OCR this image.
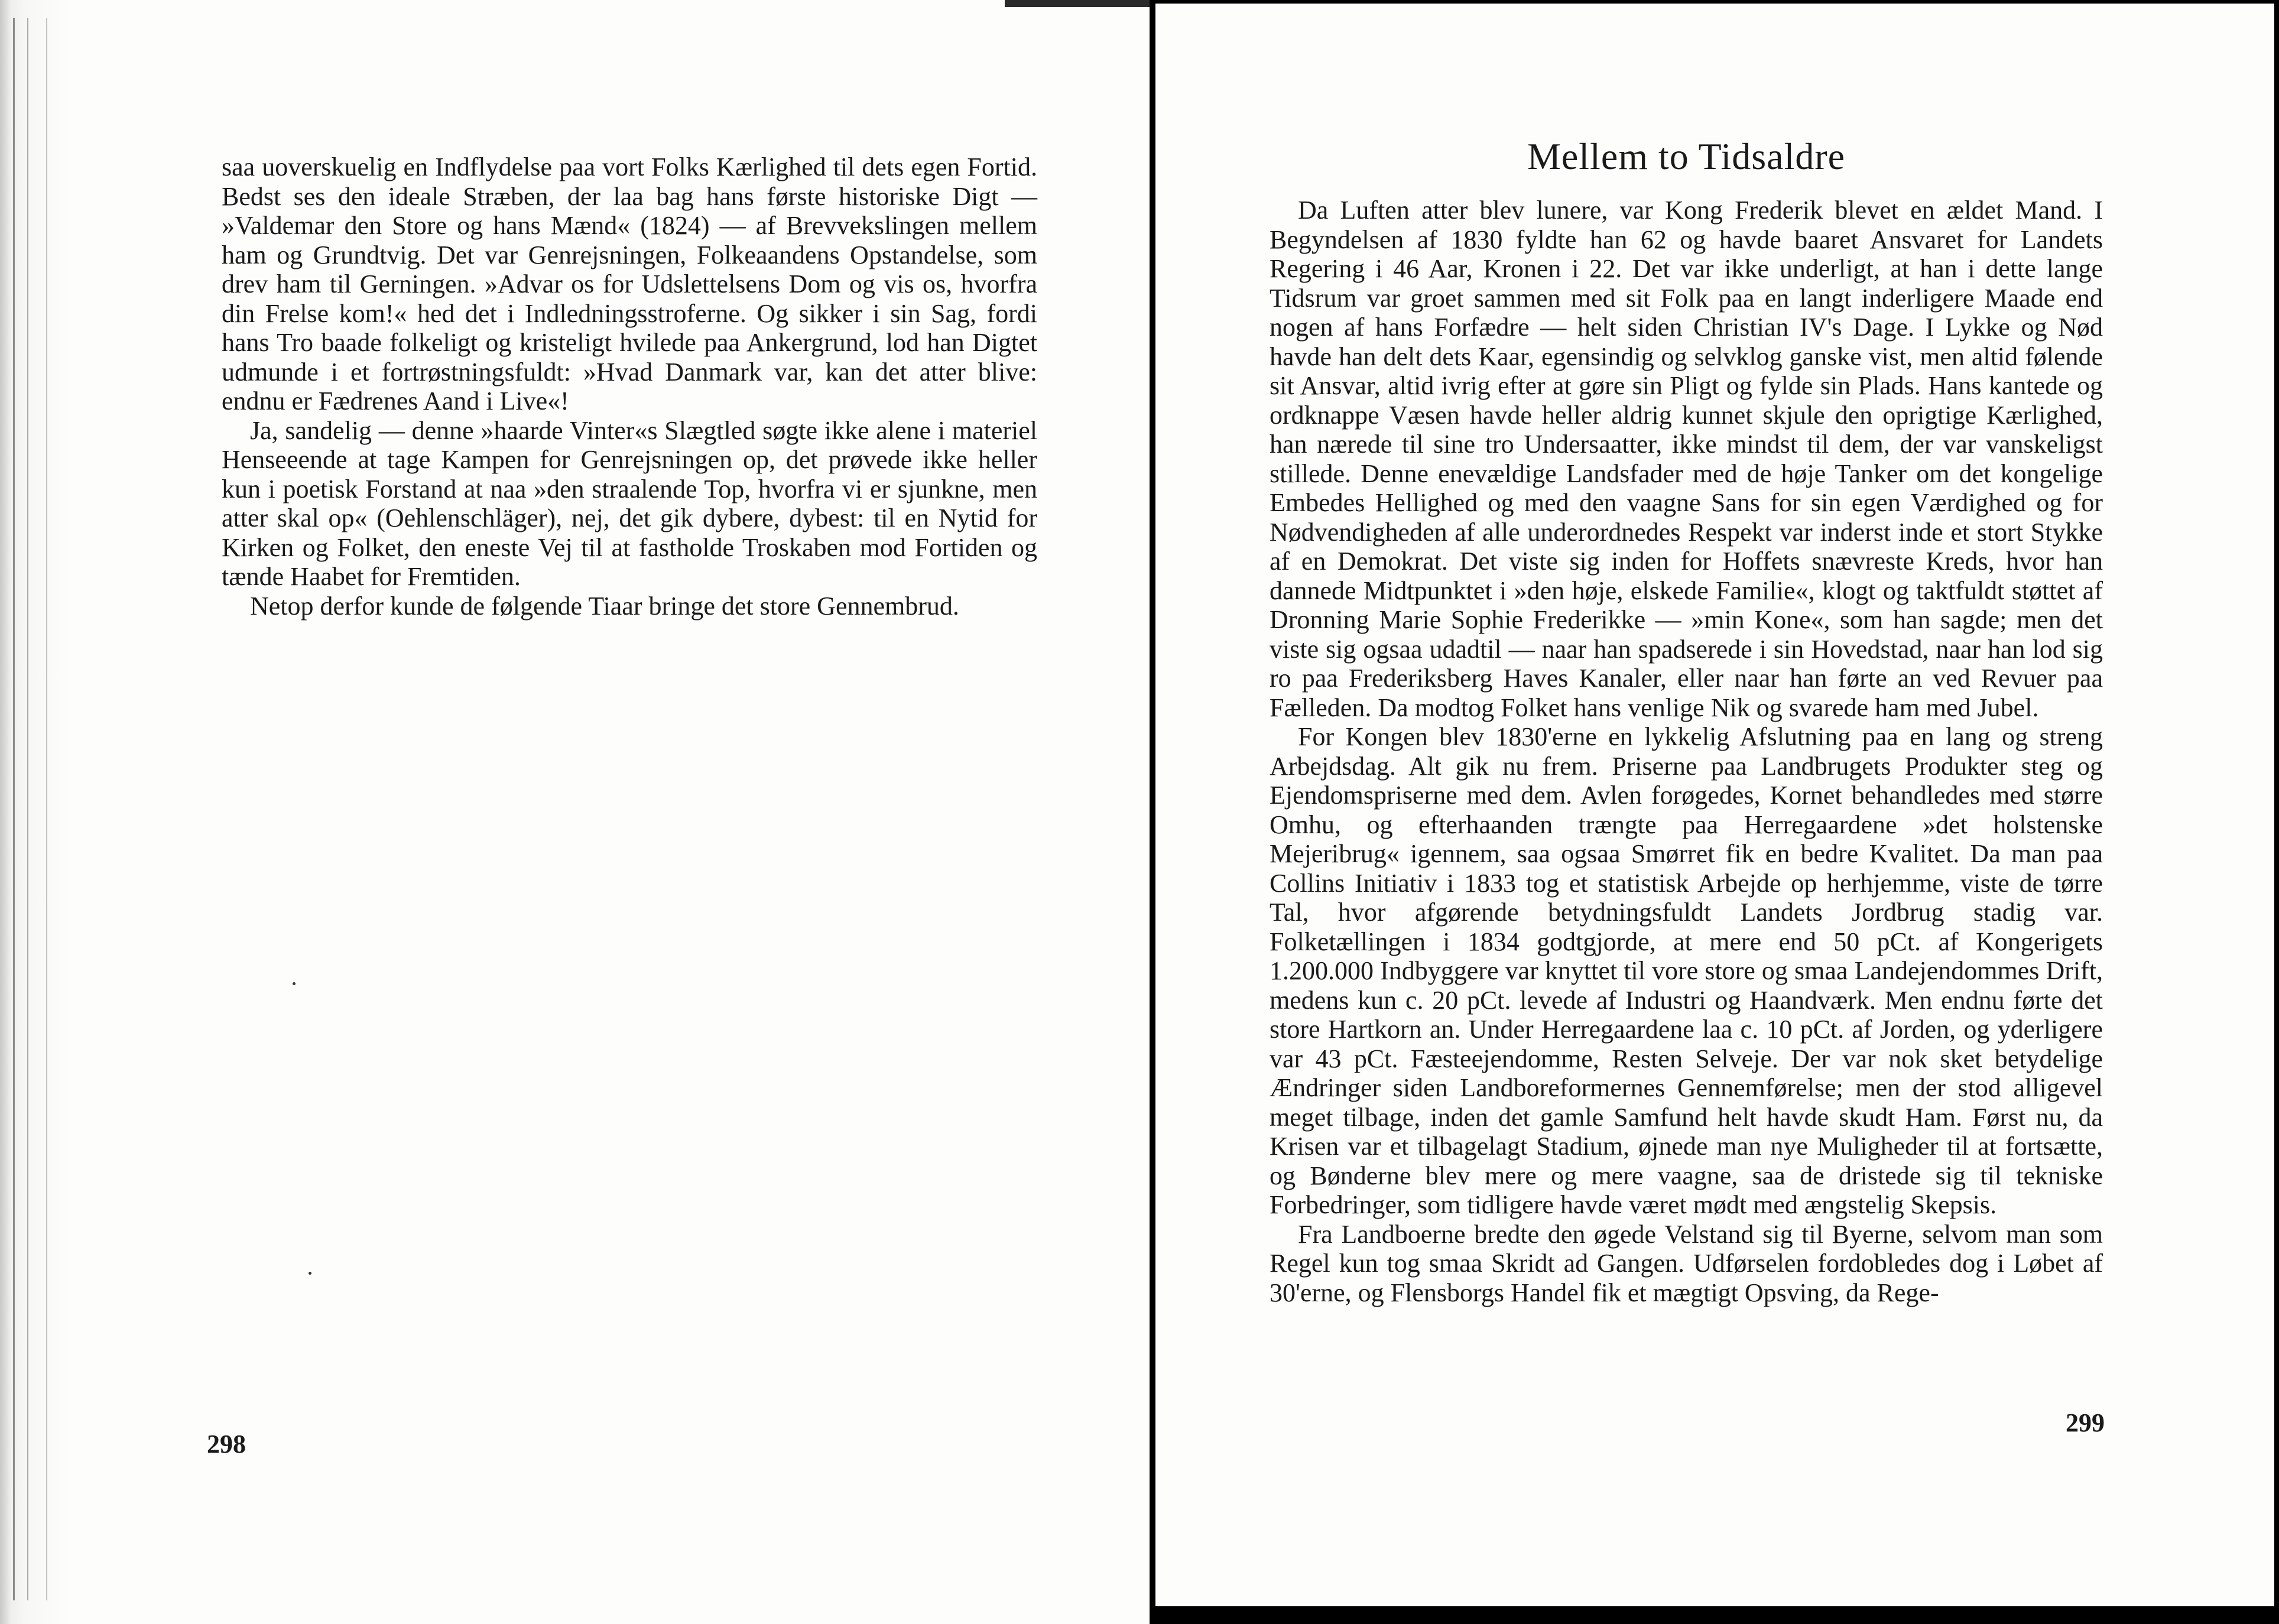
saa uoverskuelig en Indflydelse paa vort Folks Kærlighed til dets egen Fortid. Bedst ses den ideale Stræben, der laa bag hans første historiske Digt — »Valdemar den Store og hans Mænd« (1824) — af Brevvekslingen mellem ham og Grundtvig. Det var Genrejsningen, Folkeaandens Opstandelse, som drev ham til Gerningen. »Advar os for Udslettelsens Dom og vis os, hvorfra din Frelse kom!« hed det i Indledningsstroferne. Og sikker i sin Sag, fordi hans Tro baade folkeligt og kristeligt hvilede paa Ankergrund, lod han Digtet udmunde i et fortrøstningsfuldt: »Hvad Danmark var, kan det atter blive: endnu er Fædrenes Aand i Live«!

Ja, sandelig — denne »haarde Vinter«s Slægtled søgte ikke alene i materiel Henseeende at tage Kampen for Genrejsningen op, det prøvede ikke heller kun i poetisk Forstand at naa »den straalende Top, hvorfra vi er sjunkne, men atter skal op« (Oehlenschläger), nej, det gik dybere, dybest: til en Nytid for Kirken og Folket, den eneste Vej til at fastholde Troskaben mod Fortiden og tænde Haabet for Fremtiden.

Netop derfor kunde de følgende Tiaar bringe det store Gennembrud.

298
Mellem to Tidsaldre

Da Luften atter blev lunere, var Kong Frederik blevet en ældet Mand. I Begyndelsen af 1830 fyldte han 62 og havde baaret Ansvaret for Landets Regering i 46 Aar, Kronen i 22. Det var ikke underligt, at han i dette lange Tidsrum var groet sammen med sit Folk paa en langt inderligere Maade end nogen af hans Forfædre — helt siden Christian IV's Dage. I Lykke og Nød havde han delt dets Kaar, egensindig og selvklog ganske vist, men altid følende sit Ansvar, altid ivrig efter at gøre sin Pligt og fylde sin Plads. Hans kantede og ordknappe Væsen havde heller aldrig kunnet skjule den oprigtige Kærlighed, han nærede til sine tro Undersaatter, ikke mindst til dem, der var vanskeligst stillede. Denne enevældige Landsfader med de høje Tanker om det kongelige Embedes Hellighed og med den vaagne Sans for sin egen Værdighed og for Nødvendigheden af alle underordnedes Respekt var inderst inde et stort Stykke af en Demokrat. Det viste sig inden for Hoffets snævreste Kreds, hvor han dannede Midtpunktet i »den høje, elskede Familie«, klogt og taktfuldt støttet af Dronning Marie Sophie Frederikke — »min Kone«, som han sagde; men det viste sig ogsaa udadtil — naar han spadserede i sin Hovedstad, naar han lod sig ro paa Frederiksberg Haves Kanaler, eller naar han førte an ved Revuer paa Fælleden. Da modtog Folket hans venlige Nik og svarede ham med Jubel.

For Kongen blev 1830'erne en lykkelig Afslutning paa en lang og streng Arbejdsdag. Alt gik nu frem. Priserne paa Landbrugets Produkter steg og Ejendomspriserne med dem. Avlen forøgedes, Kornet behandledes med større Omhu, og efterhaanden trængte paa Herregaardene »det holstenske Mejeribrug« igennem, saa ogsaa Smørret fik en bedre Kvalitet. Da man paa Collins Initiativ i 1833 tog et statistisk Arbejde op herhjemme, viste de tørre Tal, hvor afgørende betydningsfuldt Landets Jordbrug stadig var. Folketællingen i 1834 godtgjorde, at mere end 50 pCt. af Kongerigets 1.200.000 Indbyggere var knyttet til vore store og smaa Landejendommes Drift, medens kun c. 20 pCt. levede af Industri og Haandværk. Men endnu førte det store Hartkorn an. Under Herregaardene laa c. 10 pCt. af Jorden, og yderligere var 43 pCt. Fæsteejendomme, Resten Selveje. Der var nok sket betydelige Ændringer siden Landboreformernes Gennemførelse; men der stod alligevel meget tilbage, inden det gamle Samfund helt havde skudt Ham. Først nu, da Krisen var et tilbagelagt Stadium, øjnede man nye Muligheder til at fortsætte, og Bønderne blev mere og mere vaagne, saa de dristede sig til tekniske Forbedringer, som tidligere havde været mødt med ængstelig Skepsis.

Fra Landboerne bredte den øgede Velstand sig til Byerne, selvom man som Regel kun tog smaa Skridt ad Gangen. Udførselen fordobledes dog i Løbet af 30'erne, og Flensborgs Handel fik et mægtigt Opsving, da Rege-

299
